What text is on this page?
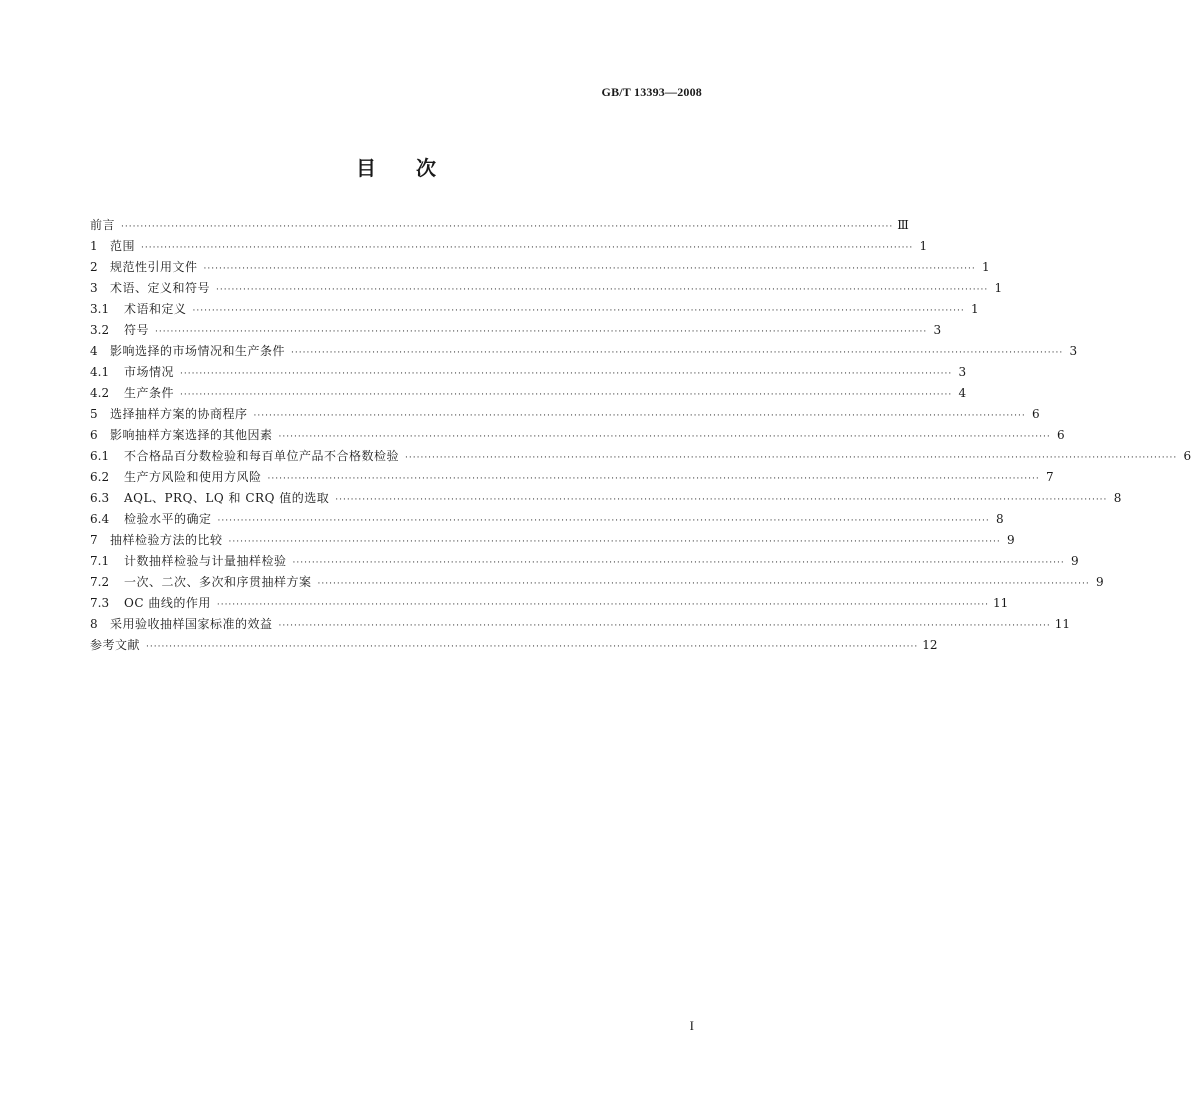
GB/T 13393—2008
目　　次
前言 ········································································································································································································ Ⅲ
1	范围 ········································································································································································································ 1
2	规范性引用文件 ········································································································································································································ 1
3	术语、定义和符号 ········································································································································································································ 1
3.1	术语和定义 ········································································································································································································ 1
3.2	符号 ········································································································································································································ 3
4	影响选择的市场情况和生产条件 ········································································································································································································ 3
4.1	市场情况 ········································································································································································································ 3
4.2	生产条件 ········································································································································································································ 4
5	选择抽样方案的协商程序 ········································································································································································································ 6
6	影响抽样方案选择的其他因素 ········································································································································································································ 6
6.1	不合格品百分数检验和每百单位产品不合格数检验 ········································································································································································································ 6
6.2	生产方风险和使用方风险 ········································································································································································································ 7
6.3	AQL、PRQ、LQ 和 CRQ 值的选取 ········································································································································································································ 8
6.4	检验水平的确定 ········································································································································································································ 8
7	抽样检验方法的比较 ········································································································································································································ 9
7.1	计数抽样检验与计量抽样检验 ········································································································································································································ 9
7.2	一次、二次、多次和序贯抽样方案 ········································································································································································································ 9
7.3	OC 曲线的作用 ········································································································································································································ 11
8	采用验收抽样国家标准的效益 ········································································································································································································ 11
参考文献 ········································································································································································································ 12
I
